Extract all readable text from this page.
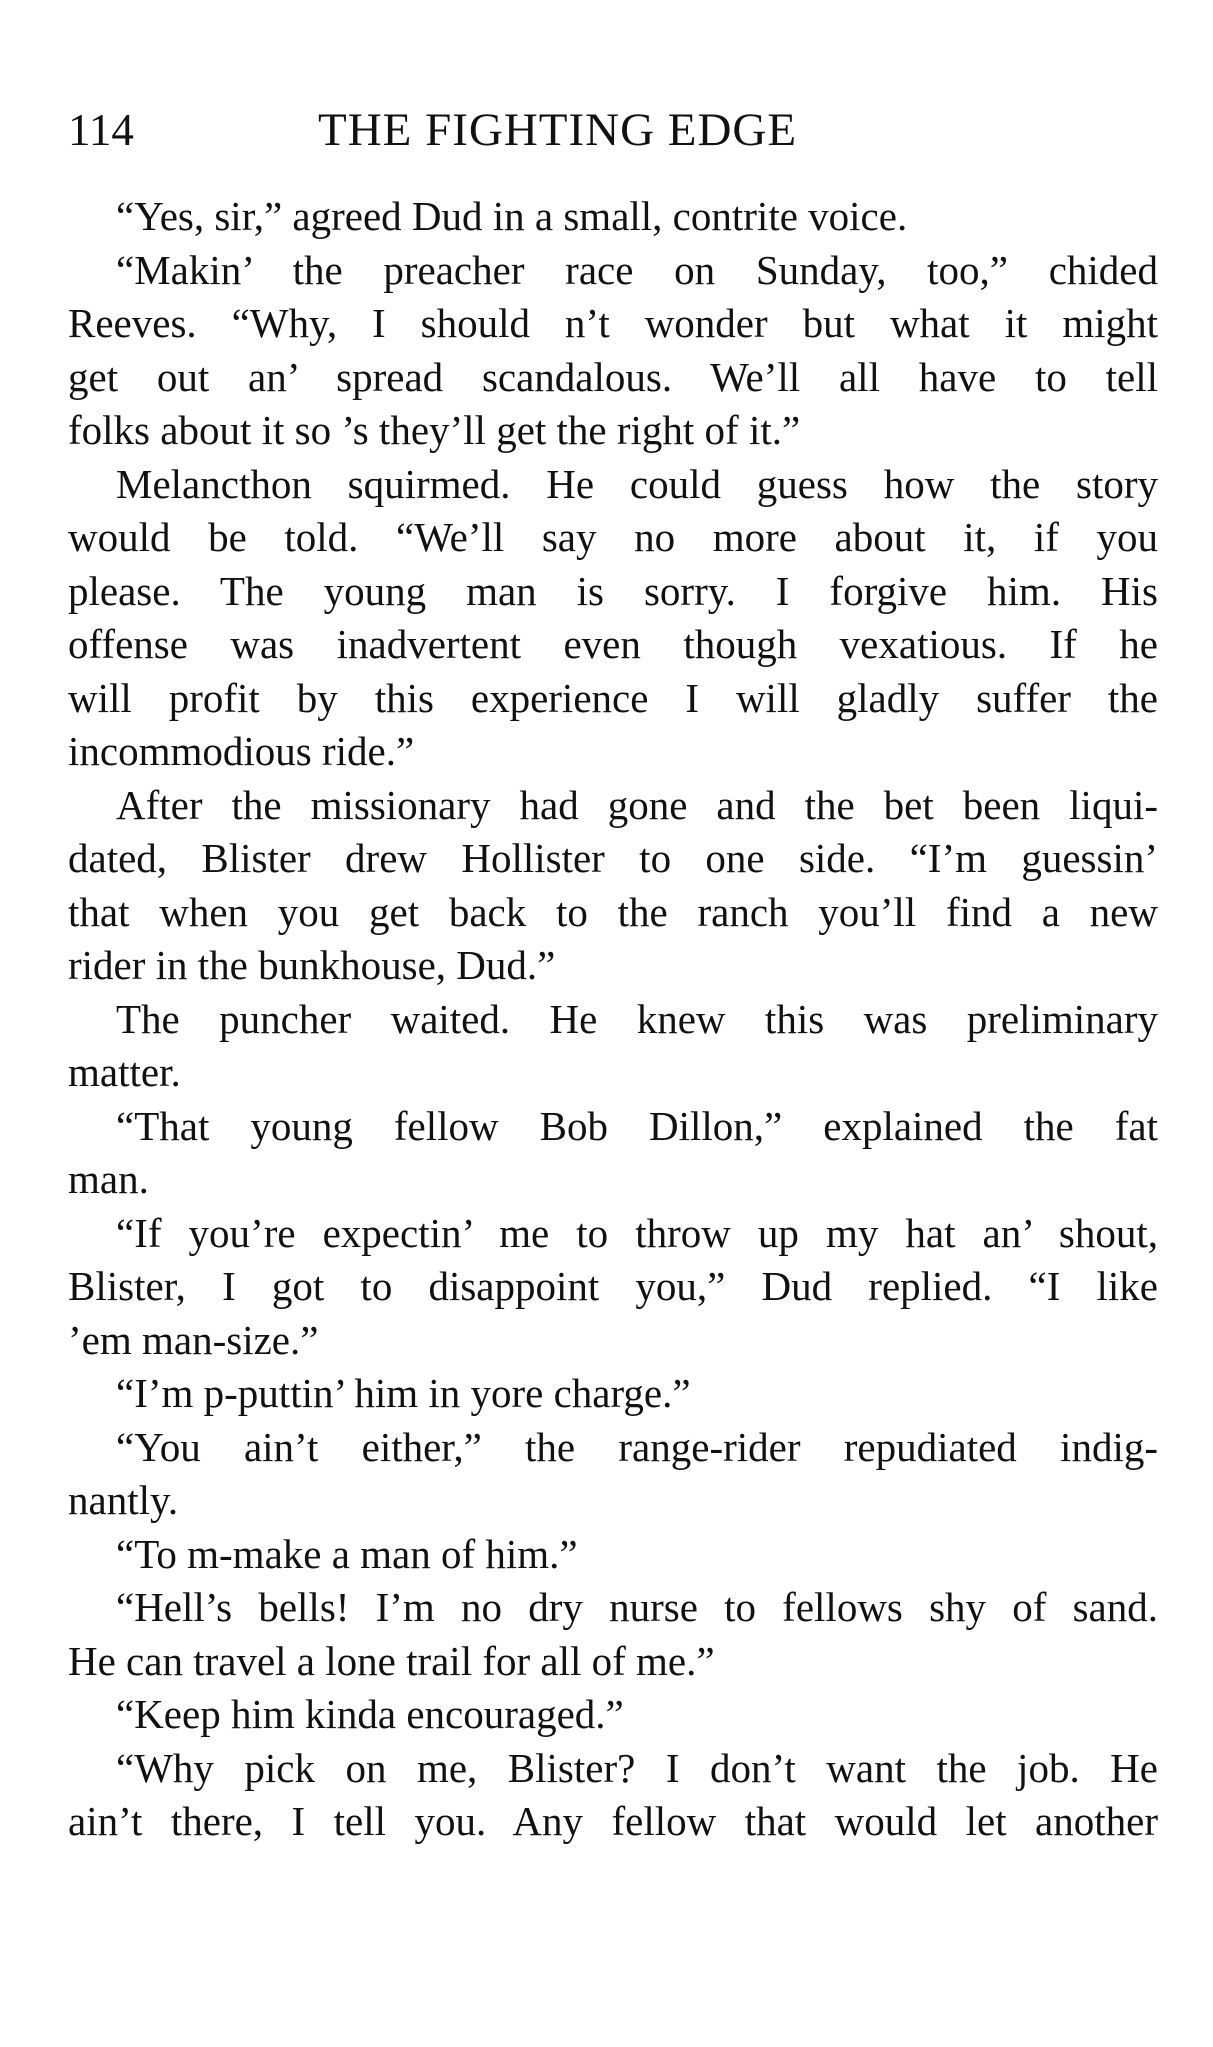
114	THE FIGHTING EDGE
“Yes, sir,” agreed Dud in a small, contrite voice.
“Makin’ the preacher race on Sunday, too,” chided
Reeves. “Why, I should n’t wonder but what it might
get out an’ spread scandalous. We’ll all have to tell
folks about it so ’s they’ll get the right of it.”
Melancthon squirmed. He could guess how the story
would be told. “We’ll say no more about it, if you
please. The young man is sorry. I forgive him. His
offense was inadvertent even though vexatious. If he
will profit by this experience I will gladly suffer the
incommodious ride.”
After the missionary had gone and the bet been liqui-
dated, Blister drew Hollister to one side. “I’m guessin’
that when you get back to the ranch you’ll find a new
rider in the bunkhouse, Dud.”
The puncher waited. He knew this was preliminary
matter.
“That young fellow Bob Dillon,” explained the fat
man.
“If you’re expectin’ me to throw up my hat an’ shout,
Blister, I got to disappoint you,” Dud replied. “I like
’em man-size.”
“I’m p-puttin’ him in yore charge.”
“You ain’t either,” the range-rider repudiated indig-
nantly.
“To m-make a man of him.”
“Hell’s bells! I’m no dry nurse to fellows shy of sand.
He can travel a lone trail for all of me.”
“Keep him kinda encouraged.”
“Why pick on me, Blister? I don’t want the job. He
ain’t there, I tell you. Any fellow that would let another
